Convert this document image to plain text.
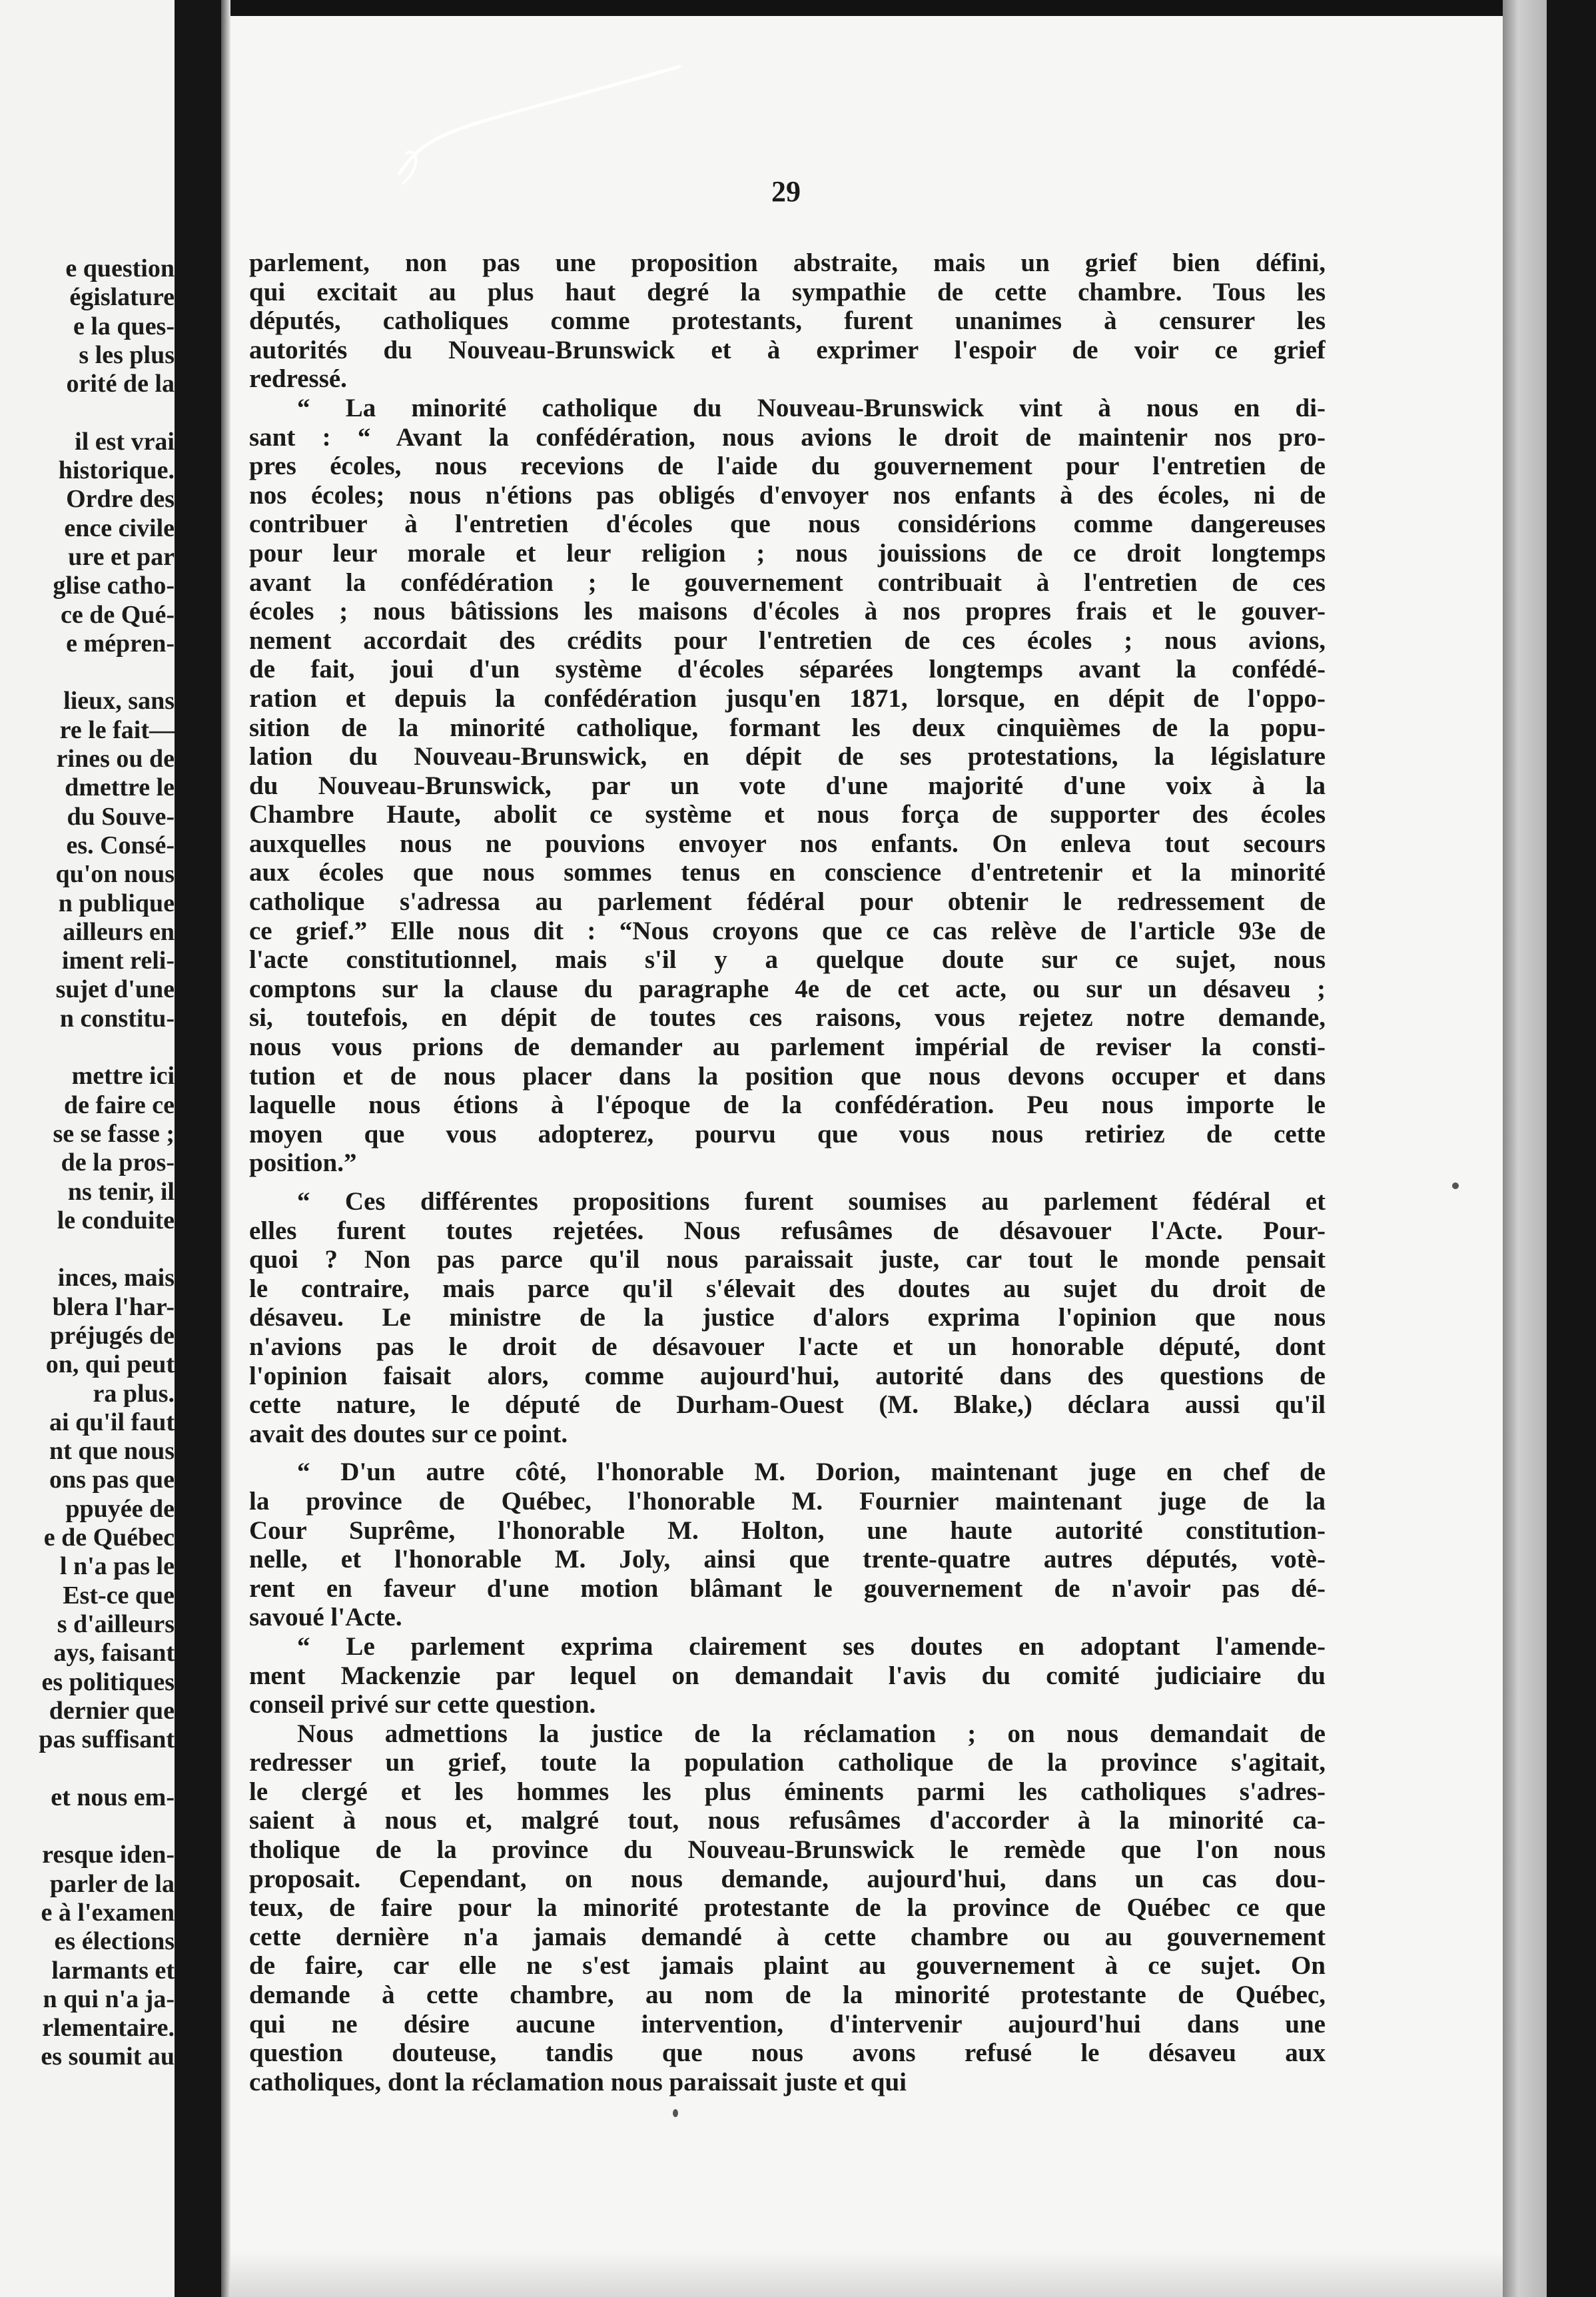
e question
égislature
e la ques-
s les plus
orité de la
il est vrai
historique.
Ordre des
ence civile
ure et par
glise catho-
ce de Qué-
e mépren-
lieux, sans
re le fait—
rines ou de
dmettre le
du Souve-
es. Consé-
qu'on nous
n publique
ailleurs en
iment reli-
sujet d'une
n constitu-
mettre ici
de faire ce
se se fasse ;
de la pros-
ns tenir, il
le conduite
inces, mais
blera l'har-
préjugés de
on, qui peut
ra plus.
ai qu'il faut
nt que nous
ons pas que
ppuyée de
e de Québec
l n'a pas le
Est-ce que
s d'ailleurs
ays, faisant
es politiques
dernier que
pas suffisant
et nous em-
resque iden-
parler de la
e à l'examen
es élections
larmants et
n qui n'a ja-
rlementaire.
es soumit au
29
parlement, non pas une proposition abstraite, mais un grief bien défini,
qui excitait au plus haut degré la sympathie de cette chambre. Tous les
députés, catholiques comme protestants, furent unanimes à censurer les
autorités du Nouveau-Brunswick et à exprimer l'espoir de voir ce grief
redressé.
“ La minorité catholique du Nouveau-Brunswick vint à nous en di-
sant : “ Avant la confédération, nous avions le droit de maintenir nos pro-
pres écoles, nous recevions de l'aide du gouvernement pour l'entretien de
nos écoles; nous n'étions pas obligés d'envoyer nos enfants à des écoles, ni de
contribuer à l'entretien d'écoles que nous considérions comme dangereuses
pour leur morale et leur religion ; nous jouissions de ce droit longtemps
avant la confédération ; le gouvernement contribuait à l'entretien de ces
écoles ; nous bâtissions les maisons d'écoles à nos propres frais et le gouver-
nement accordait des crédits pour l'entretien de ces écoles ; nous avions,
de fait, joui d'un système d'écoles séparées longtemps avant la confédé-
ration et depuis la confédération jusqu'en 1871, lorsque, en dépit de l'oppo-
sition de la minorité catholique, formant les deux cinquièmes de la popu-
lation du Nouveau-Brunswick, en dépit de ses protestations, la législature
du Nouveau-Brunswick, par un vote d'une majorité d'une voix à la
Chambre Haute, abolit ce système et nous força de supporter des écoles
auxquelles nous ne pouvions envoyer nos enfants. On enleva tout secours
aux écoles que nous sommes tenus en conscience d'entretenir et la minorité
catholique s'adressa au parlement fédéral pour obtenir le redressement de
ce grief.” Elle nous dit : “Nous croyons que ce cas relève de l'article 93e de
l'acte constitutionnel, mais s'il y a quelque doute sur ce sujet, nous
comptons sur la clause du paragraphe 4e de cet acte, ou sur un désaveu ;
si, toutefois, en dépit de toutes ces raisons, vous rejetez notre demande,
nous vous prions de demander au parlement impérial de reviser la consti-
tution et de nous placer dans la position que nous devons occuper et dans
laquelle nous étions à l'époque de la confédération. Peu nous importe le
moyen que vous adopterez, pourvu que vous nous retiriez de cette
position.”
“ Ces différentes propositions furent soumises au parlement fédéral et
elles furent toutes rejetées. Nous refusâmes de désavouer l'Acte. Pour-
quoi ? Non pas parce qu'il nous paraissait juste, car tout le monde pensait
le contraire, mais parce qu'il s'élevait des doutes au sujet du droit de
désaveu. Le ministre de la justice d'alors exprima l'opinion que nous
n'avions pas le droit de désavouer l'acte et un honorable député, dont
l'opinion faisait alors, comme aujourd'hui, autorité dans des questions de
cette nature, le député de Durham-Ouest (M. Blake,) déclara aussi qu'il
avait des doutes sur ce point.
“ D'un autre côté, l'honorable M. Dorion, maintenant juge en chef de
la province de Québec, l'honorable M. Fournier maintenant juge de la
Cour Suprême, l'honorable M. Holton, une haute autorité constitution-
nelle, et l'honorable M. Joly, ainsi que trente-quatre autres députés, votè-
rent en faveur d'une motion blâmant le gouvernement de n'avoir pas dé-
savoué l'Acte.
“ Le parlement exprima clairement ses doutes en adoptant l'amende-
ment Mackenzie par lequel on demandait l'avis du comité judiciaire du
conseil privé sur cette question.
Nous admettions la justice de la réclamation ; on nous demandait de
redresser un grief, toute la population catholique de la province s'agitait,
le clergé et les hommes les plus éminents parmi les catholiques s'adres-
saient à nous et, malgré tout, nous refusâmes d'accorder à la minorité ca-
tholique de la province du Nouveau-Brunswick le remède que l'on nous
proposait. Cependant, on nous demande, aujourd'hui, dans un cas dou-
teux, de faire pour la minorité protestante de la province de Québec ce que
cette dernière n'a jamais demandé à cette chambre ou au gouvernement
de faire, car elle ne s'est jamais plaint au gouvernement à ce sujet. On
demande à cette chambre, au nom de la minorité protestante de Québec,
qui ne désire aucune intervention, d'intervenir aujourd'hui dans une
question douteuse, tandis que nous avons refusé le désaveu aux
catholiques, dont la réclamation nous paraissait juste et qui
